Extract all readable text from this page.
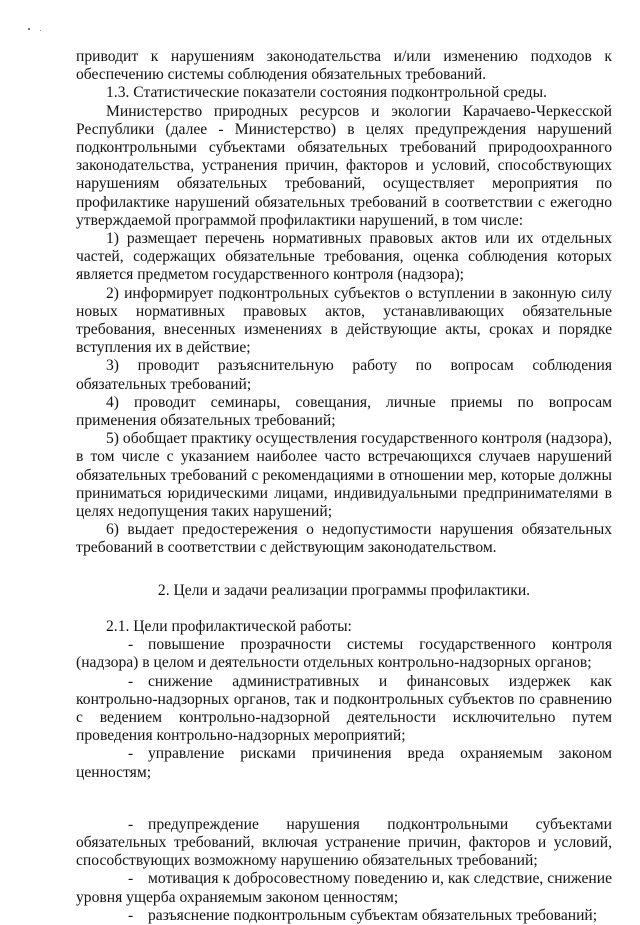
приводит к нарушениям законодательства и/или изменению подходов к обеспечению системы соблюдения обязательных требований.

1.3. Статистические показатели состояния подконтрольной среды.

Министерство природных ресурсов и экологии Карачаево-Черкесской Республики (далее - Министерство) в целях предупреждения нарушений подконтрольными субъектами обязательных требований природоохранного законодательства, устранения причин, факторов и условий, способствующих нарушениям обязательных требований, осуществляет мероприятия по профилактике нарушений обязательных требований в соответствии с ежегодно утверждаемой программой профилактики нарушений, в том числе:

1) размещает перечень нормативных правовых актов или их отдельных частей, содержащих обязательные требования, оценка соблюдения которых является предметом государственного контроля (надзора);

2) информирует подконтрольных субъектов о вступлении в законную силу новых нормативных правовых актов, устанавливающих обязательные требования, внесенных изменениях в действующие акты, сроках и порядке вступления их в действие;

3) проводит разъяснительную работу по вопросам соблюдения обязательных требований;

4) проводит семинары, совещания, личные приемы по вопросам применения обязательных требований;

5) обобщает практику осуществления государственного контроля (надзора), в том числе с указанием наиболее часто встречающихся случаев нарушений обязательных требований с рекомендациями в отношении мер, которые должны приниматься юридическими лицами, индивидуальными предпринимателями в целях недопущения таких нарушений;

6) выдает предостережения о недопустимости нарушения обязательных требований в соответствии с действующим законодательством.

2. Цели и задачи реализации программы профилактики.

2.1. Цели профилактической работы:

- повышение прозрачности системы государственного контроля (надзора) в целом и деятельности отдельных контрольно-надзорных органов;

- снижение административных и финансовых издержек как контрольно-надзорных органов, так и подконтрольных субъектов по сравнению с ведением контрольно-надзорной деятельности исключительно путем проведения контрольно-надзорных мероприятий;

- управление рисками причинения вреда охраняемым законом ценностям;

- предупреждение нарушения подконтрольными субъектами обязательных требований, включая устранение причин, факторов и условий, способствующих возможному нарушению обязательных требований;

- мотивация к добросовестному поведению и, как следствие, снижение уровня ущерба охраняемым законом ценностям;

- разъяснение подконтрольным субъектам обязательных требований;
